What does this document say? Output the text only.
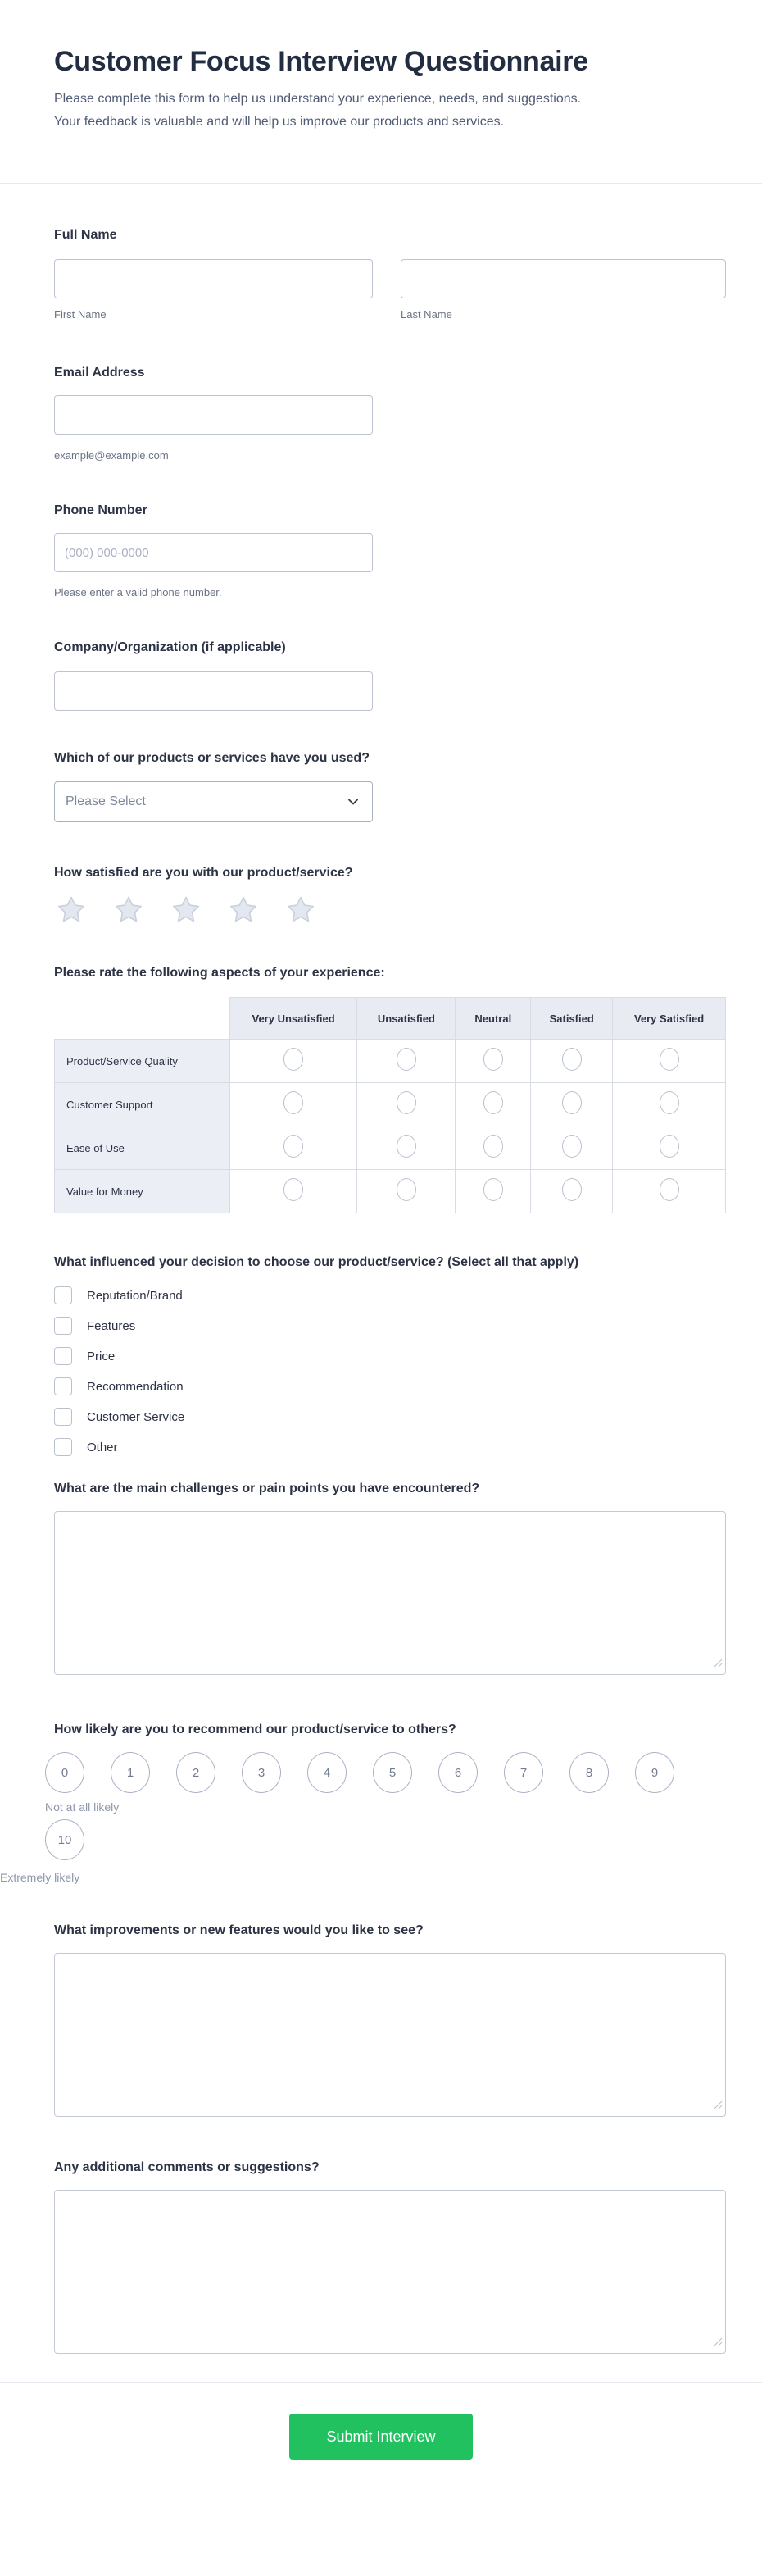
Customer Focus Interview Questionnaire

Please complete this form to help us understand your experience, needs, and suggestions. Your feedback is valuable and will help us improve our products and services.

Full Name
First Name	Last Name
Email Address
example@example.com
Phone Number
(000) 000-0000
Please enter a valid phone number.
Company/Organization (if applicable)
Which of our products or services have you used?
Please Select
How satisfied are you with our product/service?
Please rate the following aspects of your experience:
	Very Unsatisfied	Unsatisfied	Neutral	Satisfied	Very Satisfied
Product/Service Quality					
Customer Support					
Ease of Use					
Value for Money					
What influenced your decision to choose our product/service? (Select all that apply)
Reputation/Brand
Features
Price
Recommendation
Customer Service
Other
What are the main challenges or pain points you have encountered?
How likely are you to recommend our product/service to others?
0	1	2	3	4	5	6	7	8	9
Not at all likely
10
Extremely likely
What improvements or new features would you like to see?
Any additional comments or suggestions?
Submit Interview
